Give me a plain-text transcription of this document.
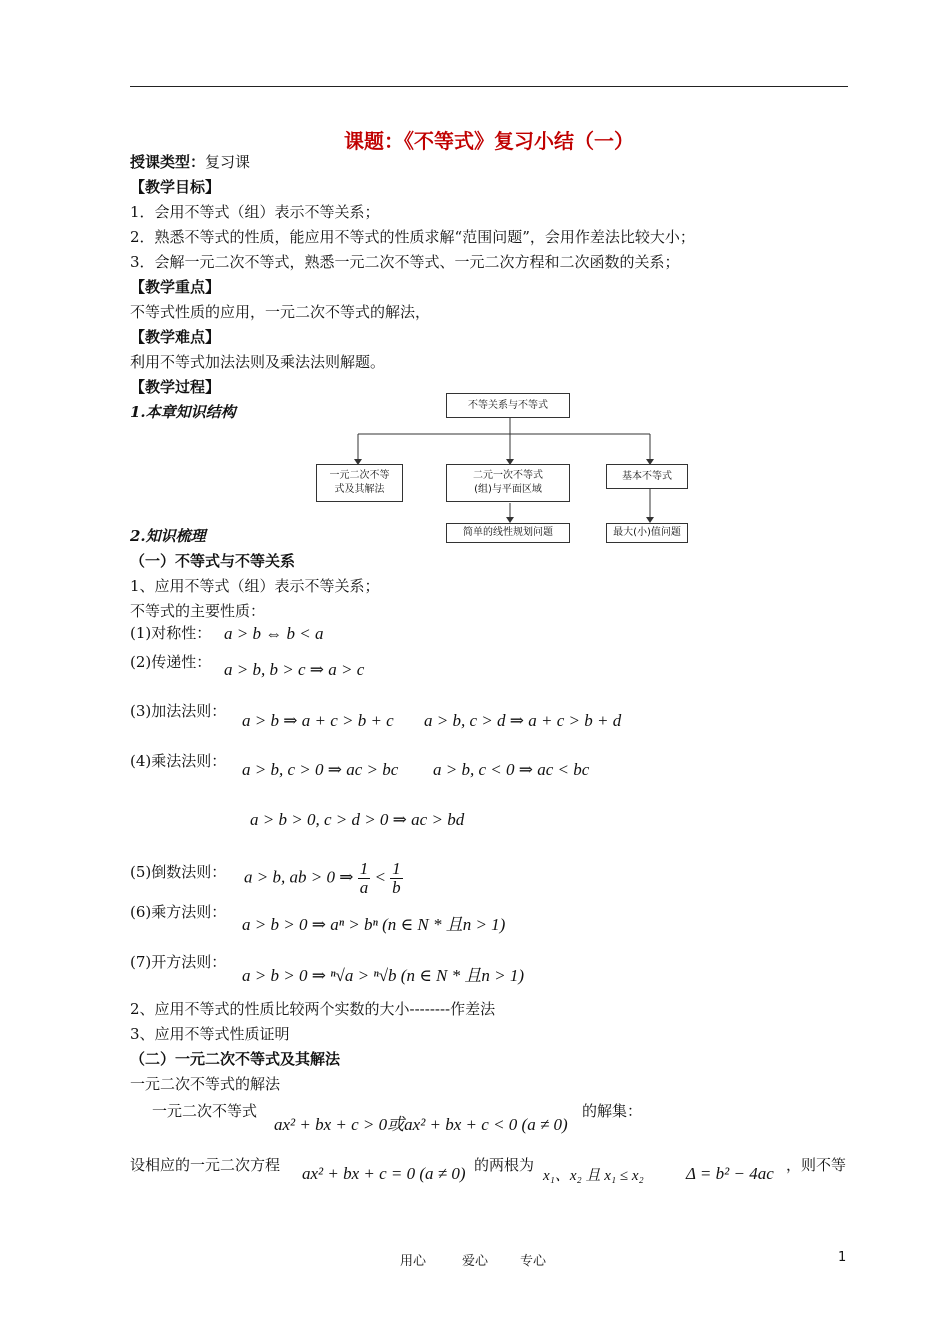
课题：《不等式》复习小结（一）
授课类型：复习课
【教学目标】
1．会用不等式（组）表示不等关系；
2．熟悉不等式的性质，能应用不等式的性质求解“范围问题”，会用作差法比较大小；
3．会解一元二次不等式，熟悉一元二次不等式、一元二次方程和二次函数的关系；
【教学重点】
不等式性质的应用，一元二次不等式的解法，
【教学难点】
利用不等式加法法则及乘法法则解题。
【教学过程】
1.本章知识结构	不等关系与不等式
一元二次不等
式及其解法
二元一次不等式
(组)与平面区域
基本不等式
简单的线性规划问题	最大(小)值问题
2.知识梳理
（一）不等式与不等关系
1、应用不等式（组）表示不等关系；
不等式的主要性质：
(1)对称性： a > b ⇔ b < a
(2)传递性： a > b, b > c ⇒ a > c
(3)加法法则： a > b ⇒ a + c > b + c a > b, c > d ⇒ a + c > b + d
(4)乘法法则： a > b, c > 0 ⇒ ac > bc a > b, c < 0 ⇒ ac < bc
a > b > 0, c > d > 0 ⇒ ac > bd
(5)倒数法则： a > b, ab > 0 ⇒ $\frac{1}{a} < \frac{1}{b}$
(6)乘方法则：
a > b > 0 ⇒ aⁿ > bⁿ (n ∈ N * 且n > 1)
(7)开方法则：
a > b > 0 ⇒ ⁿ√a > ⁿ√b (n ∈ N * 且n > 1)
2、应用不等式的性质比较两个实数的大小--------作差法
3、应用不等式性质证明
（二）一元二次不等式及其解法
一元二次不等式的解法
一元二次不等式
ax² + bx + c > 0或ax² + bx + c < 0 (a ≠ 0)
的解集：
设相应的一元二次方程 ax² + bx + c = 0 (a ≠ 0) 的两根为
x₁、x₂ 且 x₁ ≤ x₂ Δ = b² − 4ac ，则不等
用心	爱心 专心	1
